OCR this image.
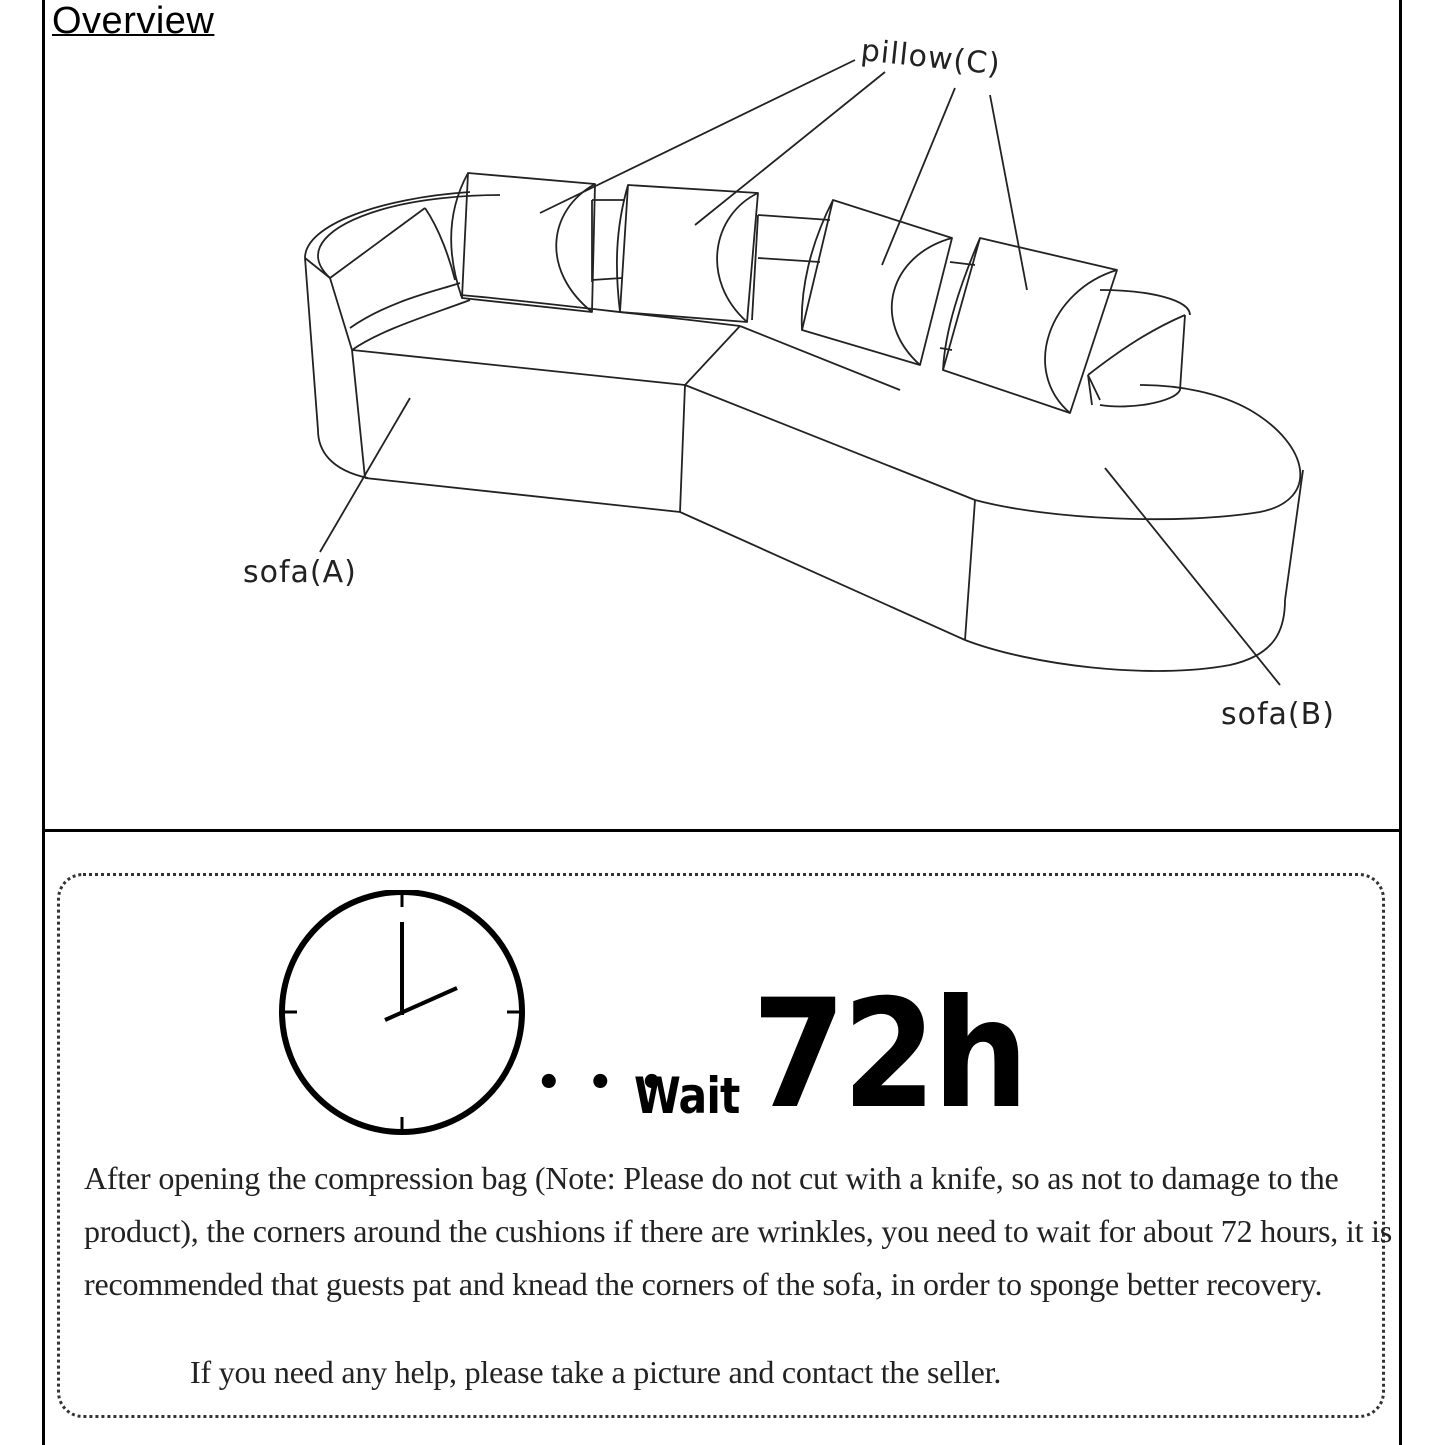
Overview
pillow(C)
sofa(A)
sofa(B)
• • •
Wait 72h

After opening the compression bag (Note: Please do not cut with a knife, so as not to damage to the product), the corners around the cushions if there are wrinkles, you need to wait for about 72 hours, it is recommended that guests pat and knead the corners of the sofa, in order to sponge better recovery.

If you need any help, please take a picture and contact the seller.
